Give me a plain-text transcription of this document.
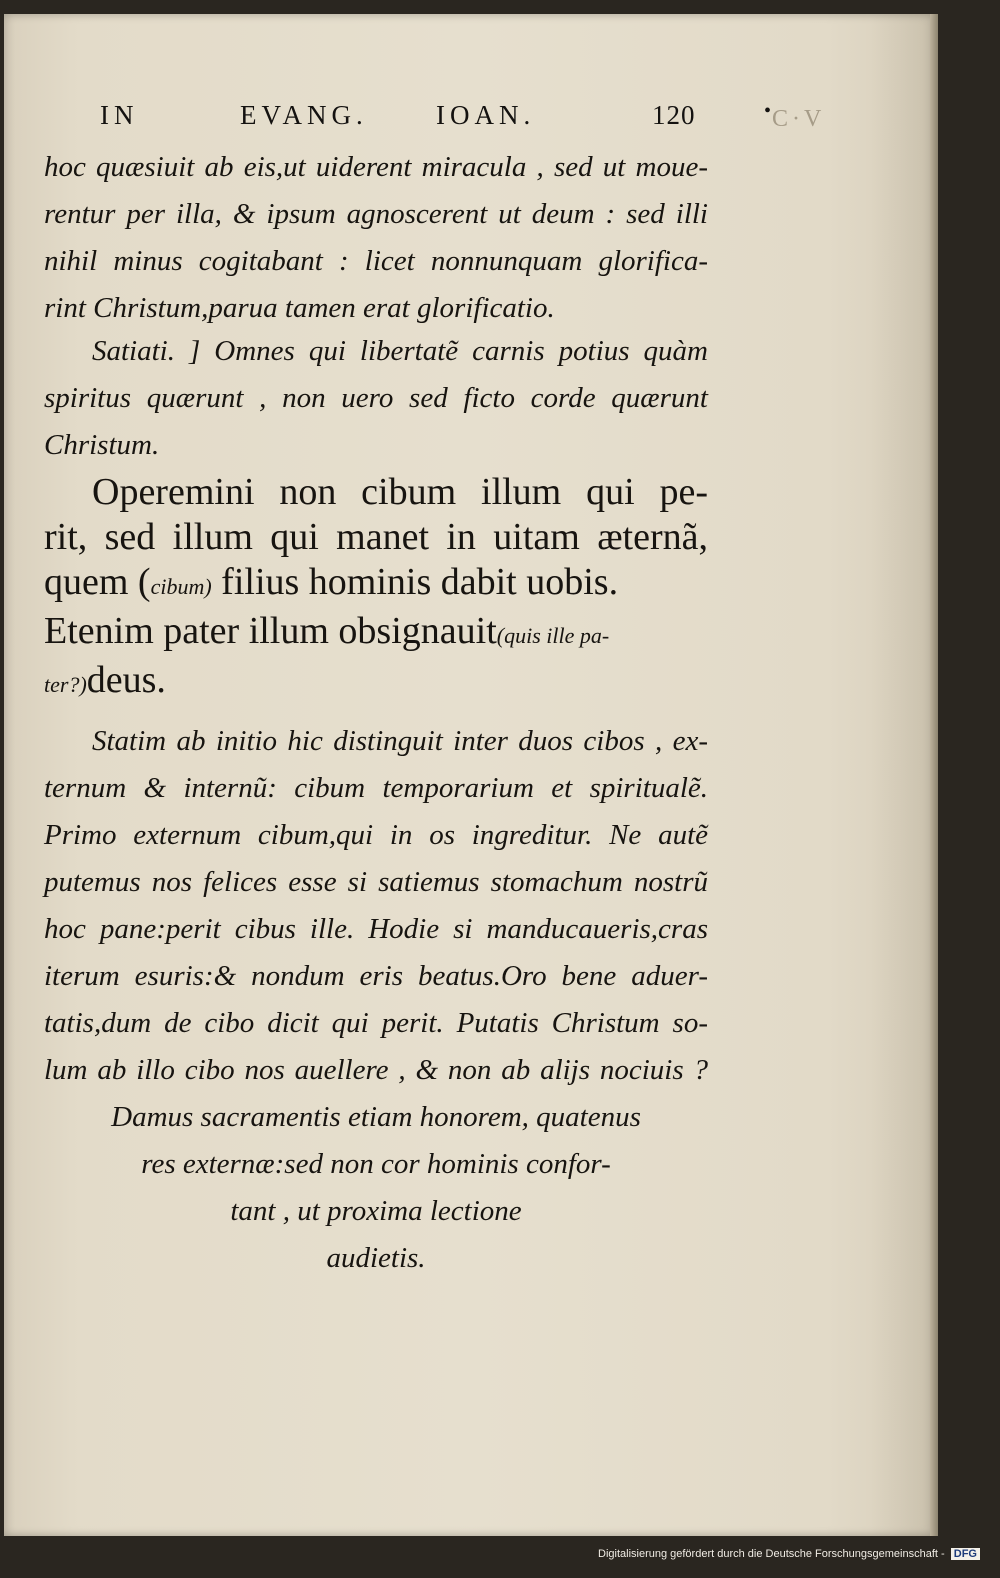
IN	EVANG.	IOAN.	120	•
C·V
hoc quæsiuit ab eis,ut uiderent miracula , sed ut moue-
rentur per illa, & ipsum agnoscerent ut deum : sed illi
nihil minus cogitabant : licet nonnunquam glorifica-
rint Christum,parua tamen erat glorificatio.
Satiati. ] Omnes qui libertatẽ carnis potius quàm
spiritus quærunt , non uero sed ficto corde quærunt
Christum.
Operemini non cibum illum qui pe-
rit, sed illum qui manet in uitam æternã,
quem (cibum) filius hominis dabit uobis.
Etenim pater illum obsignauit(quis ille pa-
ter?)deus.
Statim ab initio hic distinguit inter duos cibos , ex-
ternum & internũ: cibum temporarium et spiritualẽ.
Primo externum cibum,qui in os ingreditur. Ne autẽ
putemus nos felices esse si satiemus stomachum nostrũ
hoc pane:perit cibus ille. Hodie si manducaueris,cras
iterum esuris:& nondum eris beatus.Oro bene aduer-
tatis,dum de cibo dicit qui perit. Putatis Christum so-
lum ab illo cibo nos auellere , & non ab alijs nociuis ?
Damus sacramentis etiam honorem, quatenus
res externæ:sed non cor hominis confor-
tant , ut proxima lectione
audietis.
Digitalisierung gefördert durch die Deutsche Forschungsgemeinschaft - DFG
